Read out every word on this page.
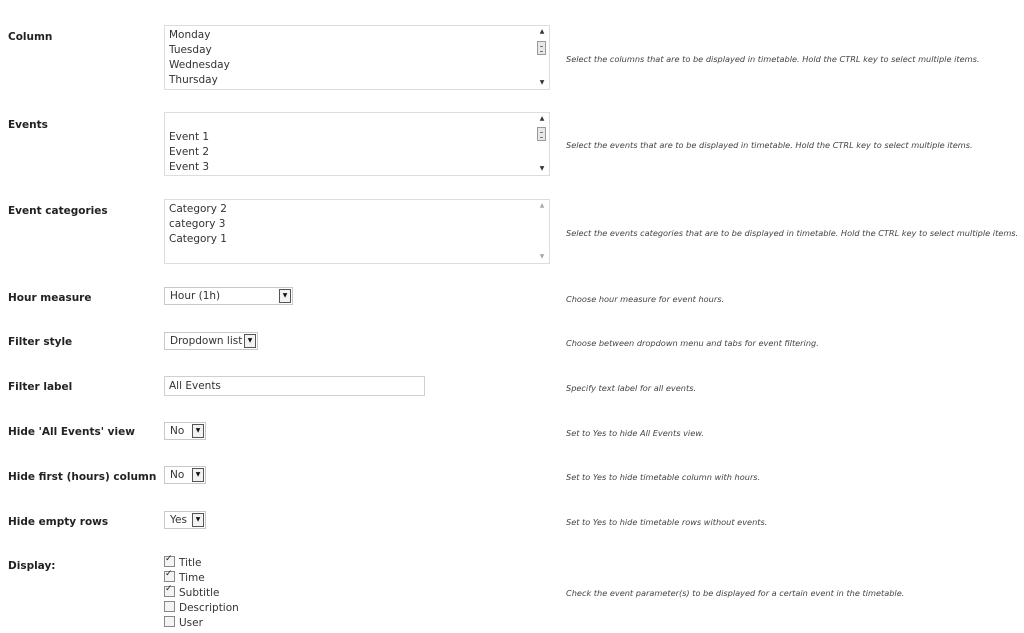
Column	Monday
Tuesday
Wednesday
Thursday
▲
▼
Select the columns that are to be displayed in timetable. Hold the CTRL key to select multiple items.
Events
Event 1
Event 2
Event 3
▲
▼
Select the events that are to be displayed in timetable. Hold the CTRL key to select multiple items.
Event categories	Category 2
category 3
Category 1
▲
▼
Select the events categories that are to be displayed in timetable. Hold the CTRL key to select multiple items.
Hour measure	Hour (1h)	▼	Choose hour measure for event hours.
Filter style	Dropdown list ▼	Choose between dropdown menu and tabs for event filtering.
Filter label	All Events	Specify text label for all events.
Hide 'All Events' view	No	▼	Set to Yes to hide All Events view.
Hide first (hours) column No	▼	Set to Yes to hide timetable column with hours.
Hide empty rows	Yes	▼	Set to Yes to hide timetable rows without events.
Display:
✓	Title
✓Time
✓Subtitle
Description
User
Check the event parameter(s) to be displayed for a certain event in the timetable.
